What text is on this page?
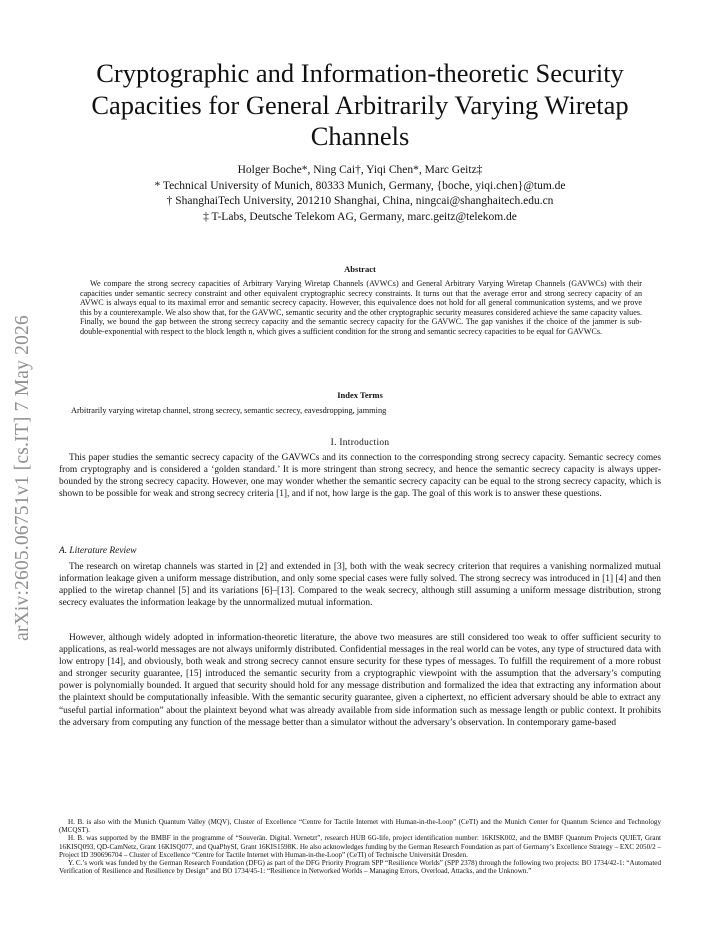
arXiv:2605.06751v1 [cs.IT] 7 May 2026
Cryptographic and Information-theoretic Security Capacities for General Arbitrarily Varying Wiretap Channels
Holger Boche*, Ning Cai†, Yiqi Chen*, Marc Geitz‡
* Technical University of Munich, 80333 Munich, Germany, {boche, yiqi.chen}@tum.de
† ShanghaiTech University, 201210 Shanghai, China, ningcai@shanghaitech.edu.cn
‡ T-Labs, Deutsche Telekom AG, Germany, marc.geitz@telekom.de
Abstract

We compare the strong secrecy capacities of Arbitrary Varying Wiretap Channels (AVWCs) and General Arbitrary Varying Wiretap Channels (GAVWCs) with their capacities under semantic secrecy constraint and other equivalent cryptographic secrecy constraints. It turns out that the average error and strong secrecy capacity of an AVWC is always equal to its maximal error and semantic secrecy capacity. However, this equivalence does not hold for all general communication systems, and we prove this by a counterexample. We also show that, for the GAVWC, semantic security and the other cryptographic security measures considered achieve the same capacity values. Finally, we bound the gap between the strong secrecy capacity and the semantic secrecy capacity for the GAVWC. The gap vanishes if the choice of the jammer is sub-double-exponential with respect to the block length n, which gives a sufficient condition for the strong and semantic secrecy capacities to be equal for GAVWCs.

Index Terms
Arbitrarily varying wiretap channel, strong secrecy, semantic secrecy, eavesdropping, jamming
I. Introduction

This paper studies the semantic secrecy capacity of the GAVWCs and its connection to the corresponding strong secrecy capacity. Semantic secrecy comes from cryptography and is considered a ‘golden standard.’ It is more stringent than strong secrecy, and hence the semantic secrecy capacity is always upper-bounded by the strong secrecy capacity. However, one may wonder whether the semantic secrecy capacity can be equal to the strong secrecy capacity, which is shown to be possible for weak and strong secrecy criteria [1], and if not, how large is the gap. The goal of this work is to answer these questions.

A. Literature Review

The research on wiretap channels was started in [2] and extended in [3], both with the weak secrecy criterion that requires a vanishing normalized mutual information leakage given a uniform message distribution, and only some special cases were fully solved. The strong secrecy was introduced in [1] [4] and then applied to the wiretap channel [5] and its variations [6]–[13]. Compared to the weak secrecy, although still assuming a uniform message distribution, strong secrecy evaluates the information leakage by the unnormalized mutual information.

However, although widely adopted in information-theoretic literature, the above two measures are still considered too weak to offer sufficient security to applications, as real-world messages are not always uniformly distributed. Confidential messages in the real world can be votes, any type of structured data with low entropy [14], and obviously, both weak and strong secrecy cannot ensure security for these types of messages. To fulfill the requirement of a more robust and stronger security guarantee, [15] introduced the semantic security from a cryptographic viewpoint with the assumption that the adversary’s computing power is polynomially bounded. It argued that security should hold for any message distribution and formalized the idea that extracting any information about the plaintext should be computationally infeasible. With the semantic security guarantee, given a ciphertext, no efficient adversary should be able to extract any “useful partial information” about the plaintext beyond what was already available from side information such as message length or public context. It prohibits the adversary from computing any function of the message better than a simulator without the adversary’s observation. In contemporary game-based

H. B. is also with the Munich Quantum Valley (MQV), Cluster of Excellence “Centre for Tactile Internet with Human-in-the-Loop” (CeTI) and the Munich Center for Quantum Science and Technology (MCQST).

H. B. was supported by the BMBF in the programme of “Souverän. Digital. Vernetzt”, research HUB 6G-life, project identification number: 16KISK002, and the BMBF Quantum Projects QUIET, Grant 16KISQ093, QD-CamNetz, Grant 16KISQ077, and QuaPhySI, Grant 16KIS1598K. He also acknowledges funding by the German Research Foundation as part of Germany’s Excellence Strategy – EXC 2050/2 – Project ID 390696704 – Cluster of Excellence “Centre for Tactile Internet with Human-in-the-Loop” (CeTI) of Technische Universität Dresden.

Y. C.’s work was funded by the German Research Foundation (DFG) as part of the DFG Priority Program SPP “Resilience Worlds” (SPP 2378) through the following two projects: BO 1734/42-1: “Automated Verification of Resilience and Resilience by Design” and BO 1734/45-1: “Resilience in Networked Worlds – Managing Errors, Overload, Attacks, and the Unknown.”
